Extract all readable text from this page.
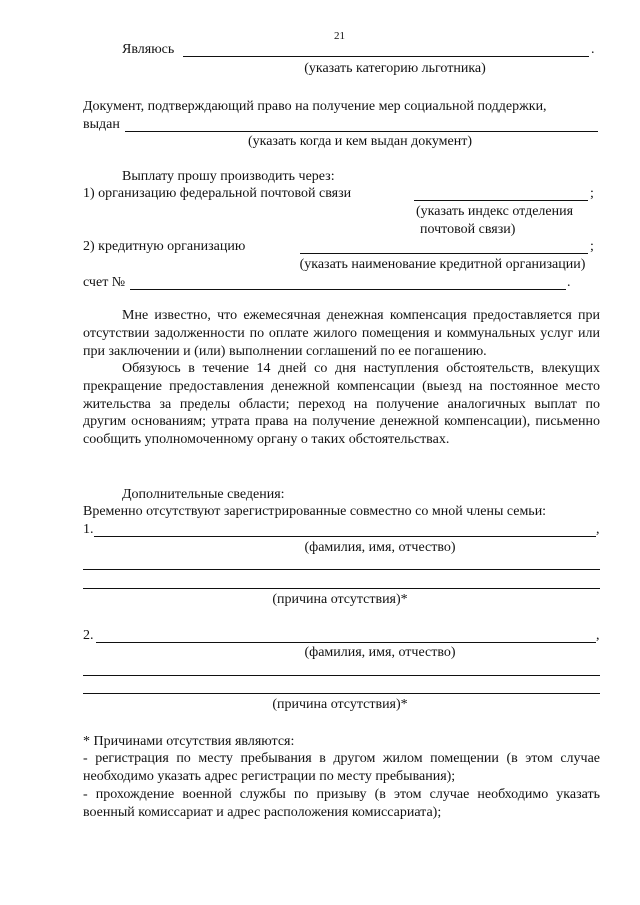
21
Являюсь	.
(указать категорию льготника)
Документ, подтверждающий право на получение мер социальной поддержки,
выдан
(указать когда и кем выдан документ)
Выплату прошу производить через:
1) организацию федеральной почтовой связи	;
(указать индекс отделения
почтовой связи)
2) кредитную организацию	;
(указать наименование кредитной организации)
счет №	.
Мне известно, что ежемесячная денежная компенсация предоставляется при отсутствии задолженности по оплате жилого помещения и коммунальных услуг или при заключении и (или) выполнении соглашений по ее погашению.
Обязуюсь в течение 14 дней со дня наступления обстоятельств, влекущих прекращение предоставления денежной компенсации (выезд на постоянное место жительства за пределы области; переход на получение аналогичных выплат по другим основаниям; утрата права на получение денежной компенсации), письменно сообщить уполномоченному органу о таких обстоятельствах.
Дополнительные сведения:
Временно отсутствуют зарегистрированные совместно со мной члены семьи:
1.	,
(фамилия, имя, отчество)
(причина отсутствия)*
2.	,
(фамилия, имя, отчество)
(причина отсутствия)*
* Причинами отсутствия являются:
- регистрация по месту пребывания в другом жилом помещении (в этом случае необходимо указать адрес регистрации по месту пребывания);
- прохождение военной службы по призыву (в этом случае необходимо указать военный комиссариат и адрес расположения комиссариата);
